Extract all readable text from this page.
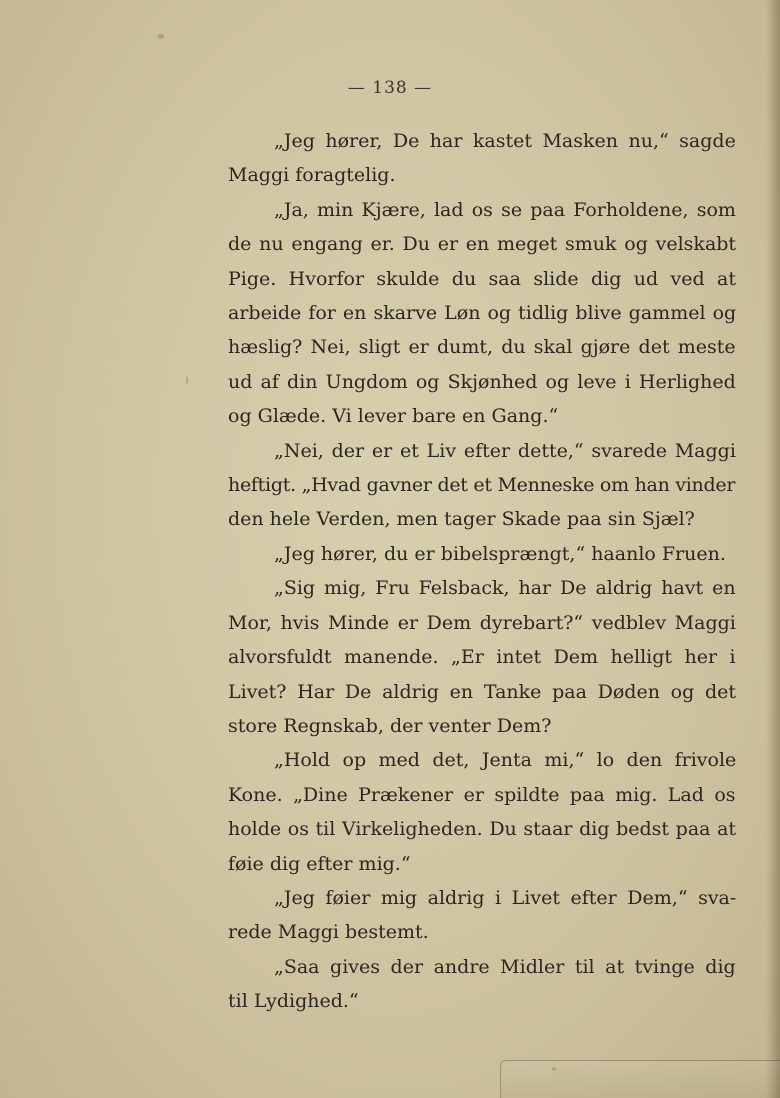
— 138 —

„Jeg hører, De har kastet Masken nu,“ sagde
Maggi foragtelig.

„Ja, min Kjære, lad os se paa Forholdene, som
de nu engang er. Du er en meget smuk og velskabt
Pige. Hvorfor skulde du saa slide dig ud ved at
arbeide for en skarve Løn og tidlig blive gammel og
hæslig? Nei, sligt er dumt, du skal gjøre det meste
ud af din Ungdom og Skjønhed og leve i Herlighed
og Glæde. Vi lever bare en Gang.“

„Nei, der er et Liv efter dette,“ svarede Maggi
heftigt. „Hvad gavner det et Menneske om han vinder
den hele Verden, men tager Skade paa sin Sjæl?

„Jeg hører, du er bibelsprængt,“ haanlo Fruen.

„Sig mig, Fru Felsback, har De aldrig havt en
Mor, hvis Minde er Dem dyrebart?“ vedblev Maggi
alvorsfuldt manende. „Er intet Dem helligt her i
Livet? Har De aldrig en Tanke paa Døden og det
store Regnskab, der venter Dem?

„Hold op med det, Jenta mi,“ lo den frivole
Kone. „Dine Prækener er spildte paa mig. Lad os
holde os til Virkeligheden. Du staar dig bedst paa at
føie dig efter mig.“

„Jeg føier mig aldrig i Livet efter Dem,“ sva-
rede Maggi bestemt.

„Saa gives der andre Midler til at tvinge dig
til Lydighed.“
